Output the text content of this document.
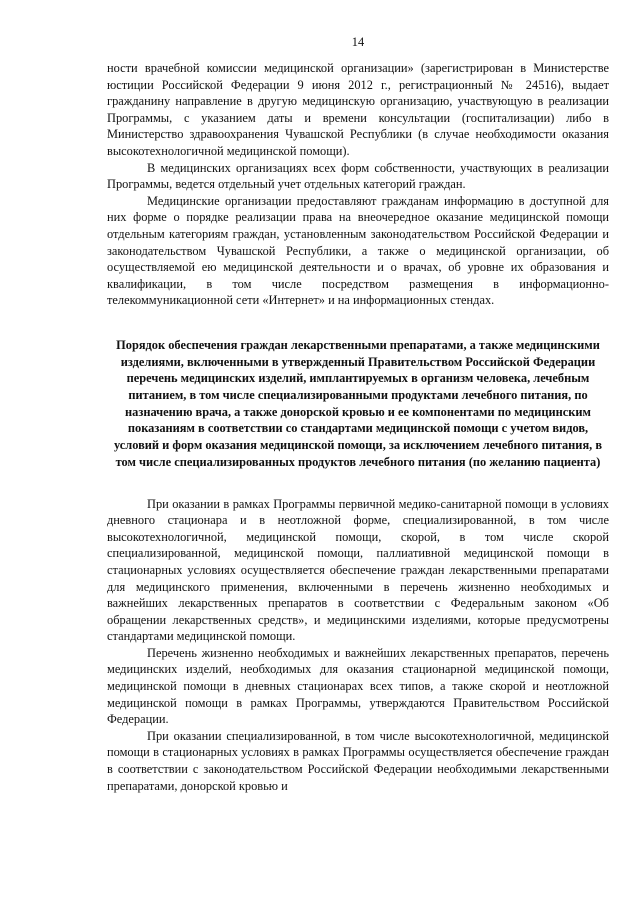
14

ности врачебной комиссии медицинской организации» (зарегистрирован в Министерстве юстиции Российской Федерации 9 июня 2012 г., регистрационный № 24516), выдает гражданину направление в другую медицинскую организацию, участвующую в реализации Программы, с указанием даты и времени консультации (госпитализации) либо в Министерство здравоохранения Чувашской Республики (в случае необходимости оказания высокотехнологичной медицинской помощи).

В медицинских организациях всех форм собственности, участвующих в реализации Программы, ведется отдельный учет отдельных категорий граждан.

Медицинские организации предоставляют гражданам информацию в доступной для них форме о порядке реализации права на внеочередное оказание медицинской помощи отдельным категориям граждан, установленным законодательством Российской Федерации и законодательством Чувашской Республики, а также о медицинской организации, об осуществляемой ею медицинской деятельности и о врачах, об уровне их образования и квалификации, в том числе посредством размещения в информационно-телекоммуникационной сети «Интернет» и на информационных стендах.

Порядок обеспечения граждан лекарственными препаратами, а также медицинскими изделиями, включенными в утвержденный Правительством Российской Федерации перечень медицинских изделий, имплантируемых в организм человека, лечебным питанием, в том числе специализированными продуктами лечебного питания, по назначению врача, а также донорской кровью и ее компонентами по медицинским показаниям в соответствии со стандартами медицинской помощи с учетом видов, условий и форм оказания медицинской помощи, за исключением лечебного питания, в том числе специализированных продуктов лечебного питания (по желанию пациента)

При оказании в рамках Программы первичной медико-санитарной помощи в условиях дневного стационара и в неотложной форме, специализированной, в том числе высокотехнологичной, медицинской помощи, скорой, в том числе скорой специализированной, медицинской помощи, паллиативной медицинской помощи в стационарных условиях осуществляется обеспечение граждан лекарственными препаратами для медицинского применения, включенными в перечень жизненно необходимых и важнейших лекарственных препаратов в соответствии с Федеральным законом «Об обращении лекарственных средств», и медицинскими изделиями, которые предусмотрены стандартами медицинской помощи.

Перечень жизненно необходимых и важнейших лекарственных препаратов, перечень медицинских изделий, необходимых для оказания стационарной медицинской помощи, медицинской помощи в дневных стационарах всех типов, а также скорой и неотложной медицинской помощи в рамках Программы, утверждаются Правительством Российской Федерации.

При оказании специализированной, в том числе высокотехнологичной, медицинской помощи в стационарных условиях в рамках Программы осуществляется обеспечение граждан в соответствии с законодательством Российской Федерации необходимыми лекарственными препаратами, донорской кровью и
